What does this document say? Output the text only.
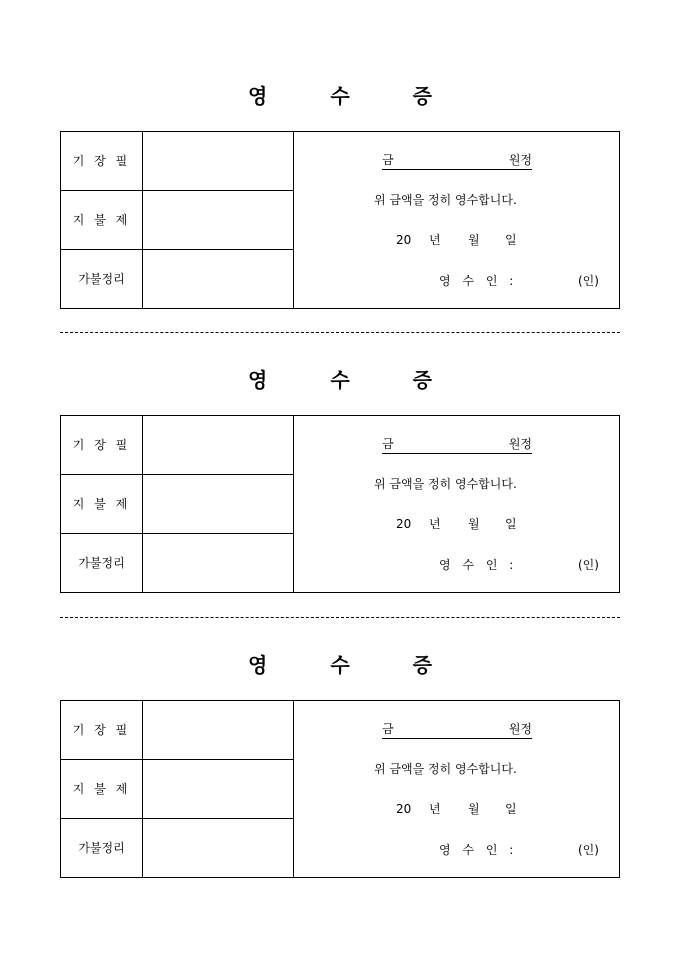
영 수 증
기 장 필
지 불 제
가불정리
금	원정
위 금액을 정히 영수합니다.
20 년 월 일
영 수 인 :	(인)
영 수 증
기 장 필
지 불 제
가불정리
금	원정
위 금액을 정히 영수합니다.
20 년 월 일
영 수 인 :	(인)
영 수 증
기 장 필
지 불 제
가불정리
금	원정
위 금액을 정히 영수합니다.
20 년 월 일
영 수 인 :	(인)
